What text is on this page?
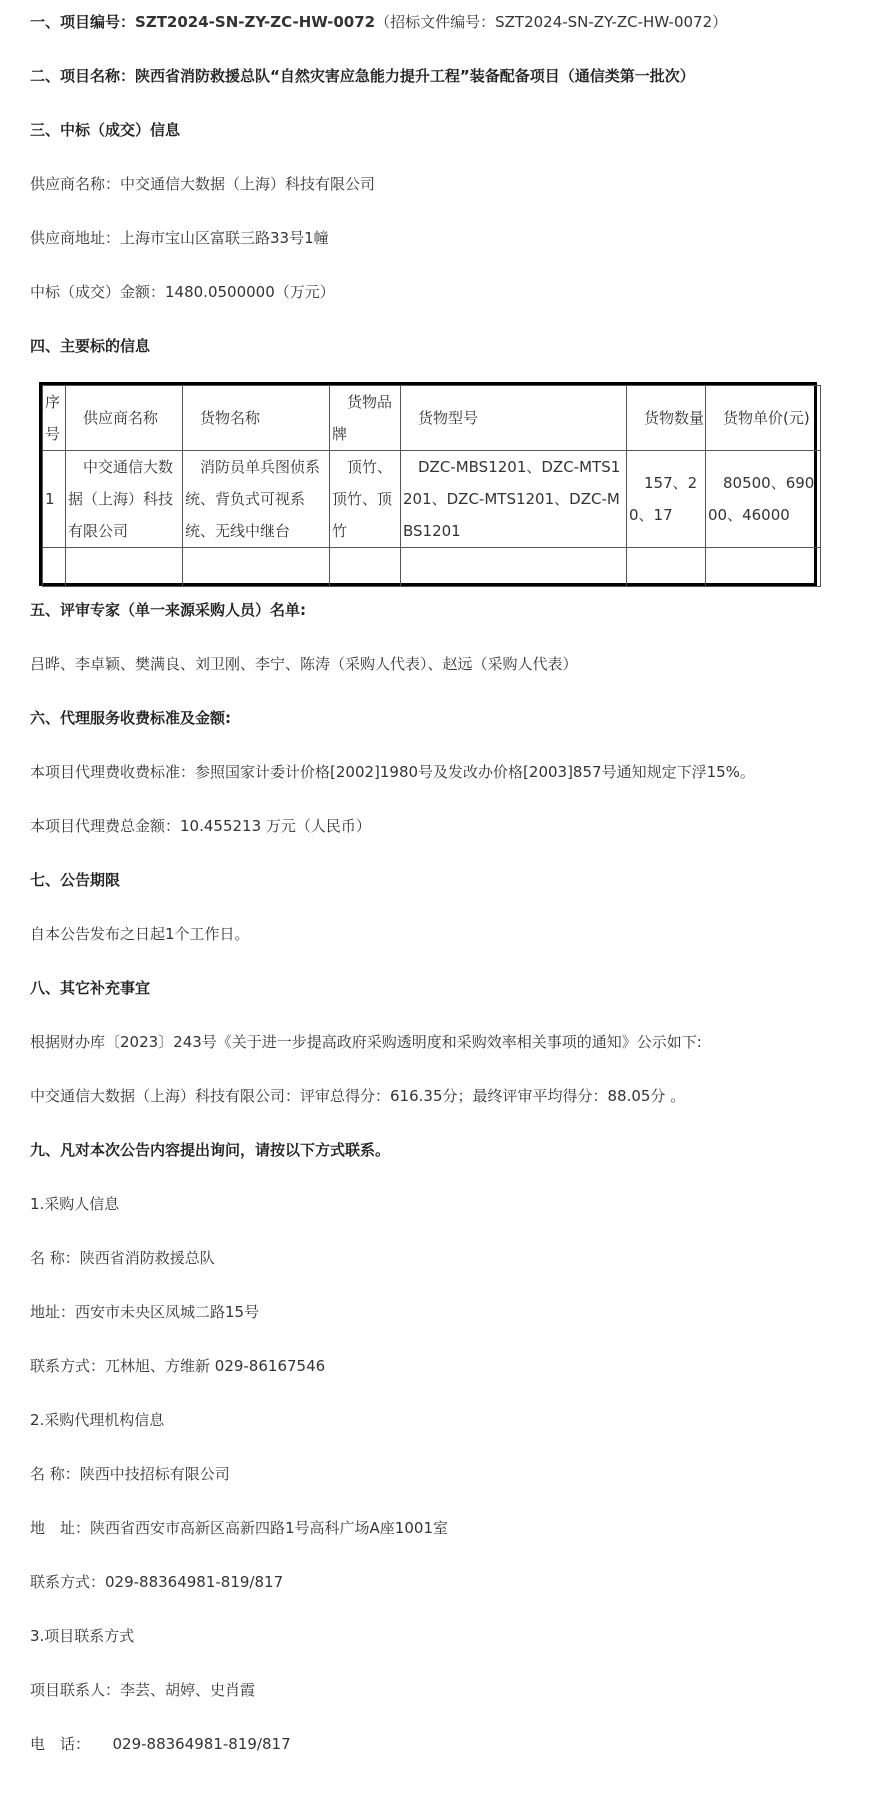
一、项目编号：SZT2024-SN-ZY-ZC-HW-0072（招标文件编号：SZT2024-SN-ZY-ZC-HW-0072）
二、项目名称：陕西省消防救援总队“自然灾害应急能力提升工程”装备配备项目（通信类第一批次）
三、中标（成交）信息
供应商名称：中交通信大数据（上海）科技有限公司
供应商地址：上海市宝山区富联三路33号1幢
中标（成交）金额：1480.0500000（万元）
四、主要标的信息
序号	供应商名称	货物名称	货物品牌	货物型号	货物数量	货物单价(元)
1	中交通信大数据（上海）科技有限公司	消防员单兵图侦系统、背负式可视系统、无线中继台	顶竹、顶竹、顶竹	DZC-MBS1201、DZC-MTS1201、DZC-MTS1201、DZC-MBS1201	157、20、17	80500、69000、46000

五、评审专家（单一来源采购人员）名单:
吕晔、李卓颖、樊满良、刘卫刚、李宁、陈涛（采购人代表）、赵远（采购人代表）
六、代理服务收费标准及金额:
本项目代理费收费标准：参照国家计委计价格[2002]1980号及发改办价格[2003]857号通知规定下浮15%。
本项目代理费总金额：10.455213 万元（人民币）
七、公告期限
自本公告发布之日起1个工作日。
八、其它补充事宜
根据财办库〔2023〕243号《关于进一步提高政府采购透明度和采购效率相关事项的通知》公示如下:
中交通信大数据（上海）科技有限公司：评审总得分：616.35分；最终评审平均得分：88.05分 。
九、凡对本次公告内容提出询问，请按以下方式联系。
1.采购人信息
名 称：陕西省消防救援总队
地址：西安市未央区凤城二路15号
联系方式：兀林旭、方维新 029-86167546
2.采购代理机构信息
名 称：陕西中技招标有限公司
地　址：陕西省西安市高新区高新四路1号高科广场A座1001室
联系方式：029-88364981-819/817
3.项目联系方式
项目联系人：李芸、胡婷、史肖霞
电　话：　　029-88364981-819/817
